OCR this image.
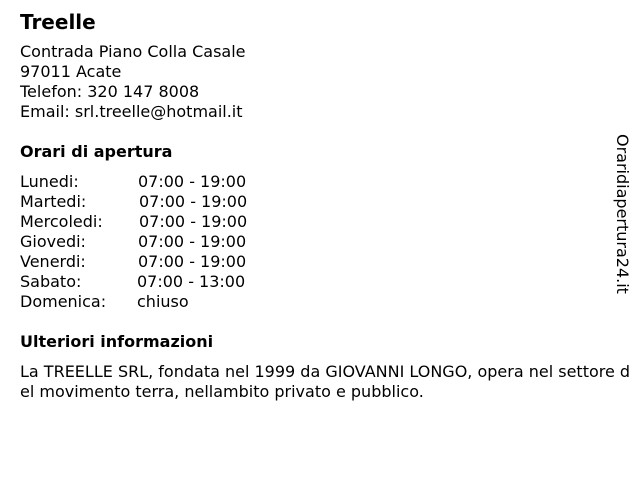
Treelle
Contrada Piano Colla Casale
97011 Acate
Telefon: 320 147 8008
Email: srl.treelle@hotmail.it
Orari di apertura
Lunedi:	07:00 - 19:00
Martedi:	07:00 - 19:00
Mercoledi:	07:00 - 19:00
Giovedi:	07:00 - 19:00
Venerdi:	07:00 - 19:00
Sabato:	07:00 - 13:00
Domenica:	chiuso
Ulteriori informazioni
La TREELLE SRL, fondata nel 1999 da GIOVANNI LONGO, opera nel settore del movimento terra, nellambito privato e pubblico.
Oraridiapertura24.it
